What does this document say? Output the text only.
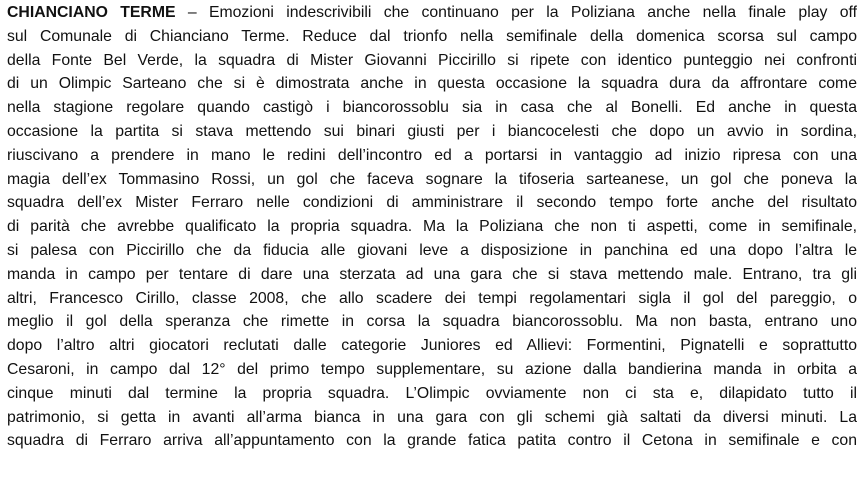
CHIANCIANO TERME – Emozioni indescrivibili che continuano per la Poliziana anche nella finale play off
sul Comunale di Chianciano Terme. Reduce dal trionfo nella semifinale della domenica scorsa sul campo
della Fonte Bel Verde, la squadra di Mister Giovanni Piccirillo si ripete con identico punteggio nei confronti
di un Olimpic Sarteano che si è dimostrata anche in questa occasione la squadra dura da affrontare come
nella stagione regolare quando castigò i biancorossoblu sia in casa che al Bonelli. Ed anche in questa
occasione la partita si stava mettendo sui binari giusti per i biancocelesti che dopo un avvio in sordina,
riuscivano a prendere in mano le redini dell’incontro ed a portarsi in vantaggio ad inizio ripresa con una
magia dell’ex Tommasino Rossi, un gol che faceva sognare la tifoseria sarteanese, un gol che poneva la
squadra dell’ex Mister Ferraro nelle condizioni di amministrare il secondo tempo forte anche del risultato
di parità che avrebbe qualificato la propria squadra. Ma la Poliziana che non ti aspetti, come in semifinale,
si palesa con Piccirillo che da fiducia alle giovani leve a disposizione in panchina ed una dopo l’altra le
manda in campo per tentare di dare una sterzata ad una gara che si stava mettendo male. Entrano, tra gli
altri, Francesco Cirillo, classe 2008, che allo scadere dei tempi regolamentari sigla il gol del pareggio, o
meglio il gol della speranza che rimette in corsa la squadra biancorossoblu. Ma non basta, entrano uno
dopo l’altro altri giocatori reclutati dalle categorie Juniores ed Allievi: Formentini, Pignatelli e soprattutto
Cesaroni, in campo dal 12° del primo tempo supplementare, su azione dalla bandierina manda in orbita a
cinque minuti dal termine la propria squadra. L’Olimpic ovviamente non ci sta e, dilapidato tutto il
patrimonio, si getta in avanti all’arma bianca in una gara con gli schemi già saltati da diversi minuti. La
squadra di Ferraro arriva all’appuntamento con la grande fatica patita contro il Cetona in semifinale e con
